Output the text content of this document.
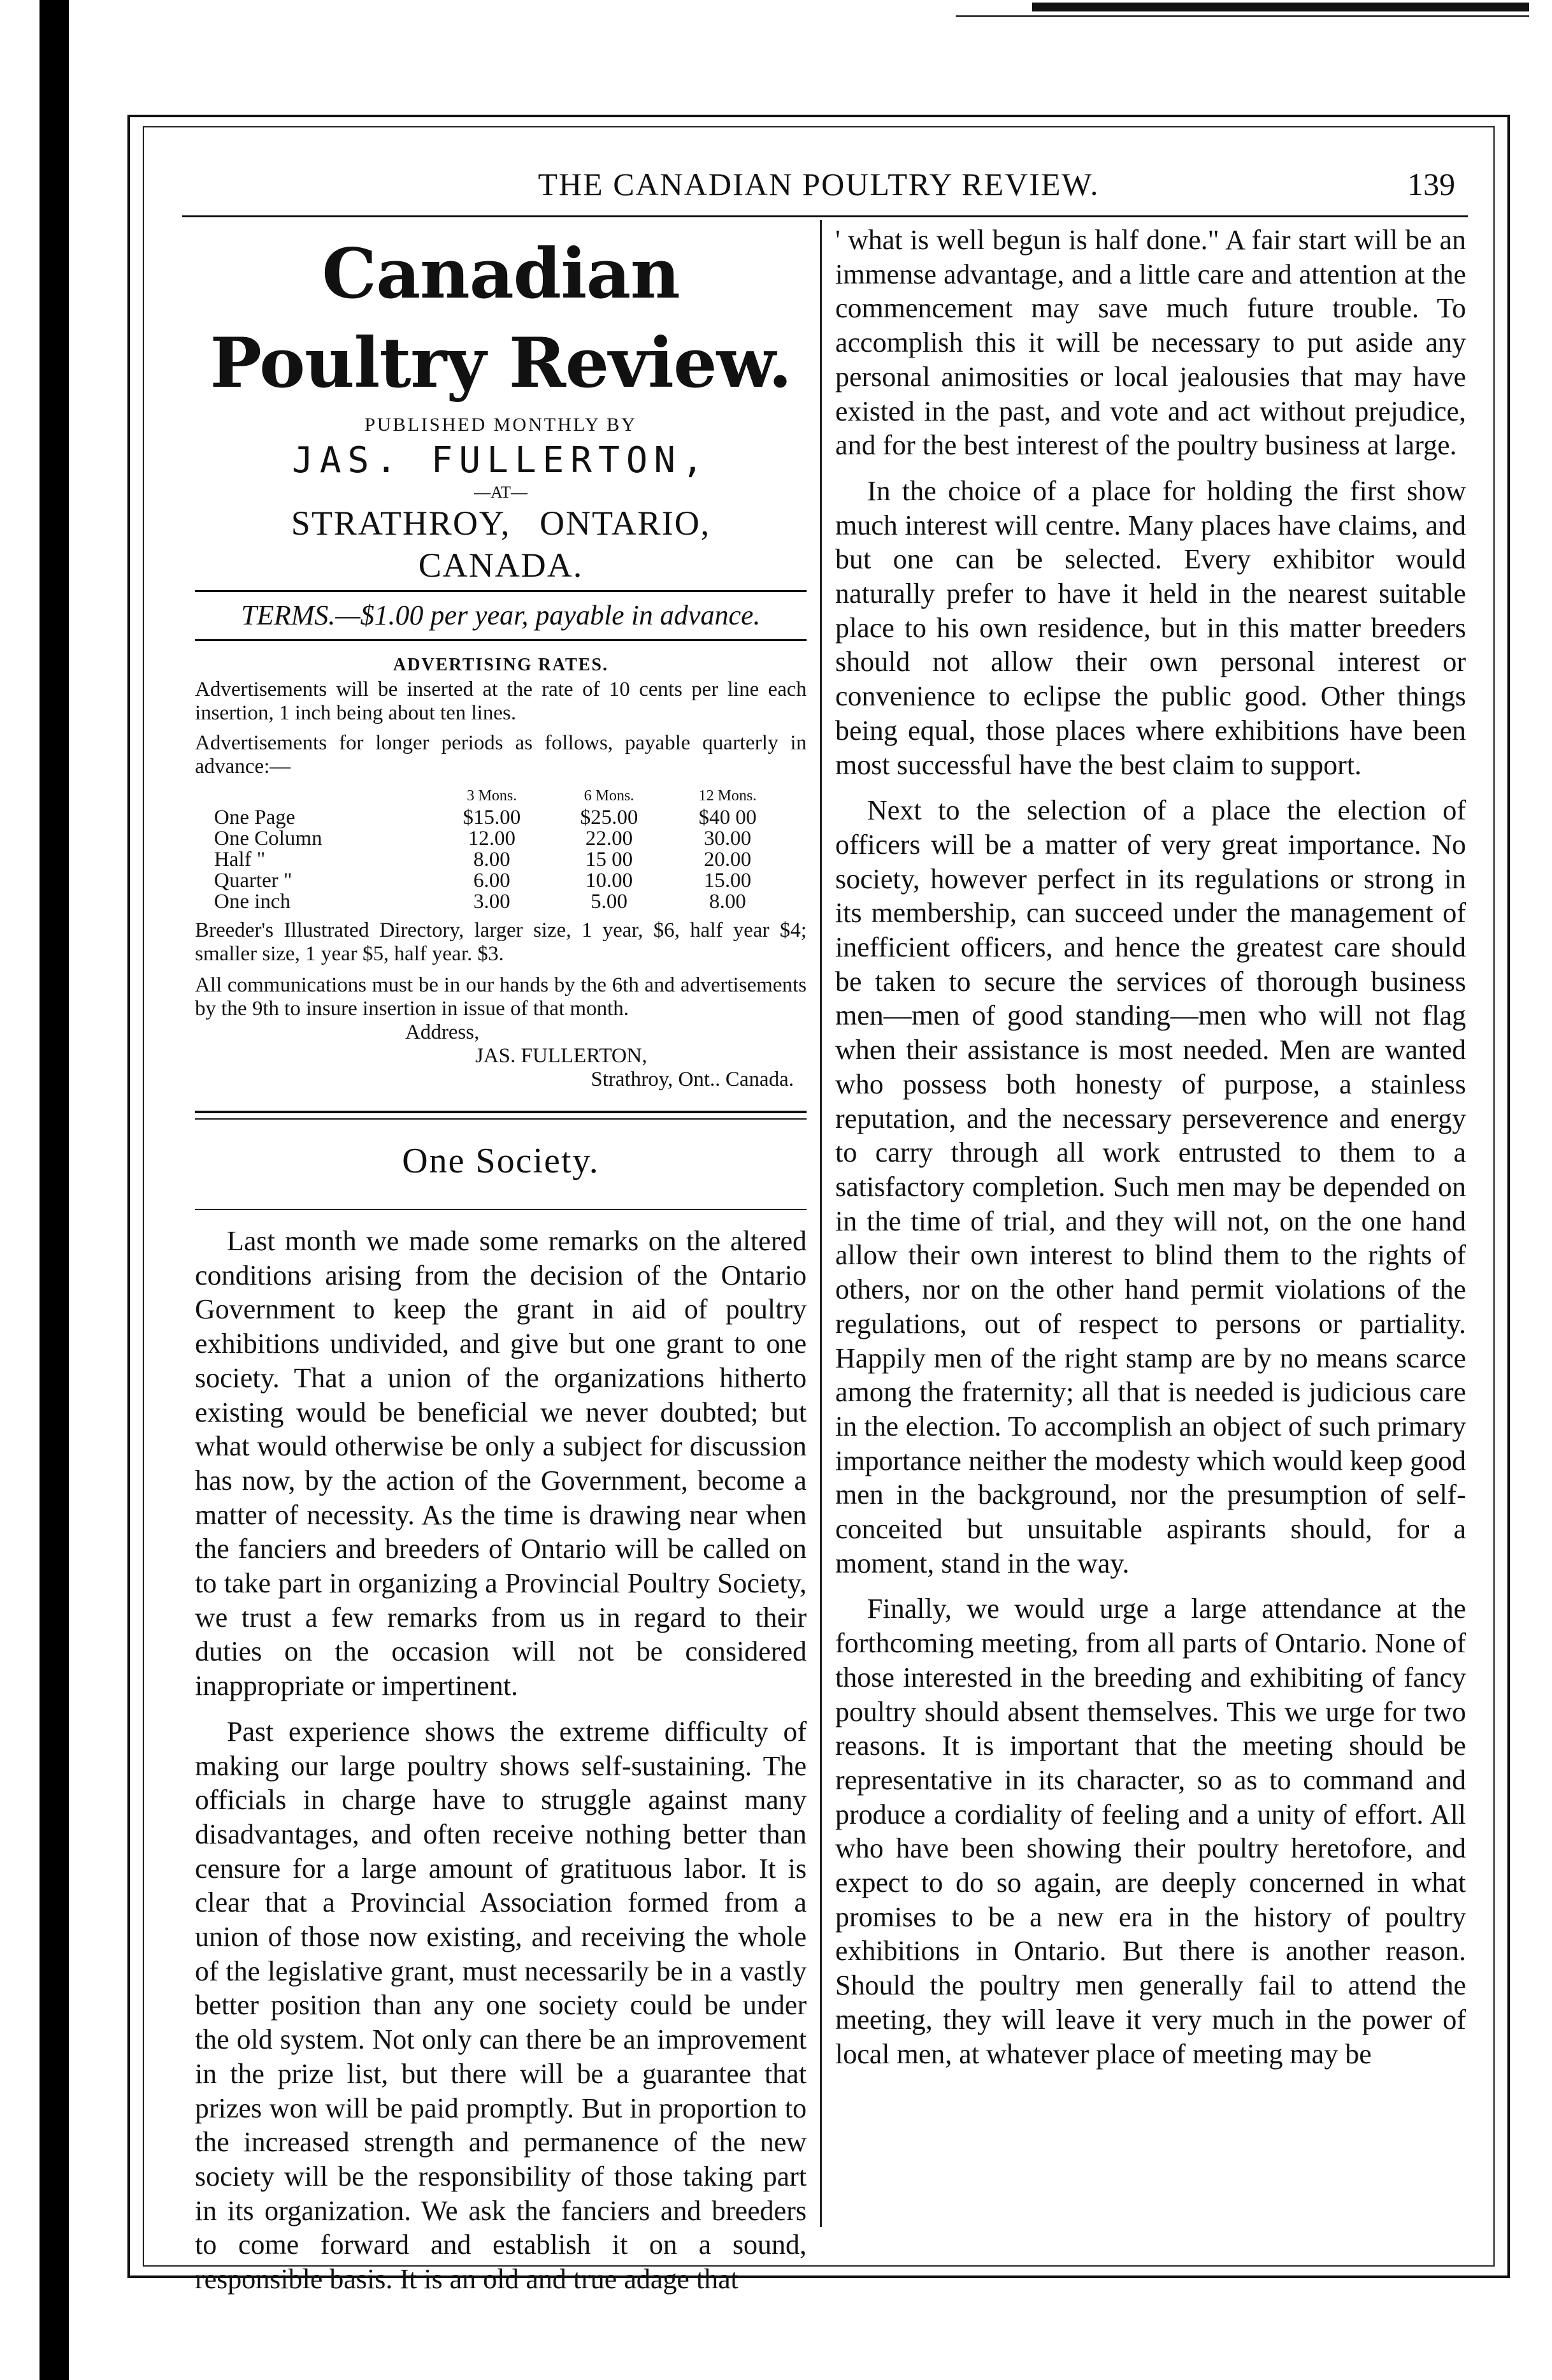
THE CANADIAN POULTRY REVIEW.	139
Canadian Poultry Review.
PUBLISHED MONTHLY BY
JAS. FULLERTON,
—AT—
STRATHROY, ONTARIO, CANADA.
TERMS.—$1.00 per year, payable in advance.
ADVERTISING RATES.
Advertisements will be inserted at the rate of 10 cents per line each insertion, 1 inch being about ten lines.
Advertisements for longer periods as follows, payable quarterly in advance:—
	3 Mons.	6 Mons.	12 Mons.
One Page	$15.00	$25.00	$40 00
One Column	12.00	22.00	30.00
Half "	8.00	15 00	20.00
Quarter "	6.00	10.00	15.00
One inch	3.00	5.00	8.00
Breeder's Illustrated Directory, larger size, 1 year, $6, half year $4; smaller size, 1 year $5, half year. $3.
All communications must be in our hands by the 6th and advertisements by the 9th to insure insertion in issue of that month.
Address,
JAS. FULLERTON,
Strathroy, Ont.. Canada.
One Society.

Last month we made some remarks on the altered conditions arising from the decision of the Ontario Government to keep the grant in aid of poultry exhibitions undivided, and give but one grant to one society. That a union of the organizations hitherto existing would be beneficial we never doubted; but what would otherwise be only a subject for discussion has now, by the action of the Government, become a matter of necessity. As the time is drawing near when the fanciers and breeders of Ontario will be called on to take part in organizing a Provincial Poultry Society, we trust a few remarks from us in regard to their duties on the occasion will not be considered inappropriate or impertinent.

Past experience shows the extreme difficulty of making our large poultry shows self-sustaining. The officials in charge have to struggle against many disadvantages, and often receive nothing better than censure for a large amount of gratituous labor. It is clear that a Provincial Association formed from a union of those now existing, and receiving the whole of the legislative grant, must necessarily be in a vastly better position than any one society could be under the old system. Not only can there be an improvement in the prize list, but there will be a guarantee that prizes won will be paid promptly. But in proportion to the increased strength and permanence of the new society will be the responsibility of those taking part in its organization. We ask the fanciers and breeders to come forward and establish it on a sound, responsible basis. It is an old and true adage that

' what is well begun is half done." A fair start will be an immense advantage, and a little care and attention at the commencement may save much future trouble. To accomplish this it will be necessary to put aside any personal animosities or local jealousies that may have existed in the past, and vote and act without prejudice, and for the best interest of the poultry business at large.

In the choice of a place for holding the first show much interest will centre. Many places have claims, and but one can be selected. Every exhibitor would naturally prefer to have it held in the nearest suitable place to his own residence, but in this matter breeders should not allow their own personal interest or convenience to eclipse the public good. Other things being equal, those places where exhibitions have been most successful have the best claim to support.

Next to the selection of a place the election of officers will be a matter of very great importance. No society, however perfect in its regulations or strong in its membership, can succeed under the management of inefficient officers, and hence the greatest care should be taken to secure the services of thorough business men—men of good standing—men who will not flag when their assistance is most needed. Men are wanted who possess both honesty of purpose, a stainless reputation, and the necessary perseverence and energy to carry through all work entrusted to them to a satisfactory completion. Such men may be depended on in the time of trial, and they will not, on the one hand allow their own interest to blind them to the rights of others, nor on the other hand permit violations of the regulations, out of respect to persons or partiality. Happily men of the right stamp are by no means scarce among the fraternity; all that is needed is judicious care in the election. To accomplish an object of such primary importance neither the modesty which would keep good men in the background, nor the presumption of self-conceited but unsuitable aspirants should, for a moment, stand in the way.

Finally, we would urge a large attendance at the forthcoming meeting, from all parts of Ontario. None of those interested in the breeding and exhibiting of fancy poultry should absent themselves. This we urge for two reasons. It is important that the meeting should be representative in its character, so as to command and produce a cordiality of feeling and a unity of effort. All who have been showing their poultry heretofore, and expect to do so again, are deeply concerned in what promises to be a new era in the history of poultry exhibitions in Ontario. But there is another reason. Should the poultry men generally fail to attend the meeting, they will leave it very much in the power of local men, at whatever place of meeting may be
